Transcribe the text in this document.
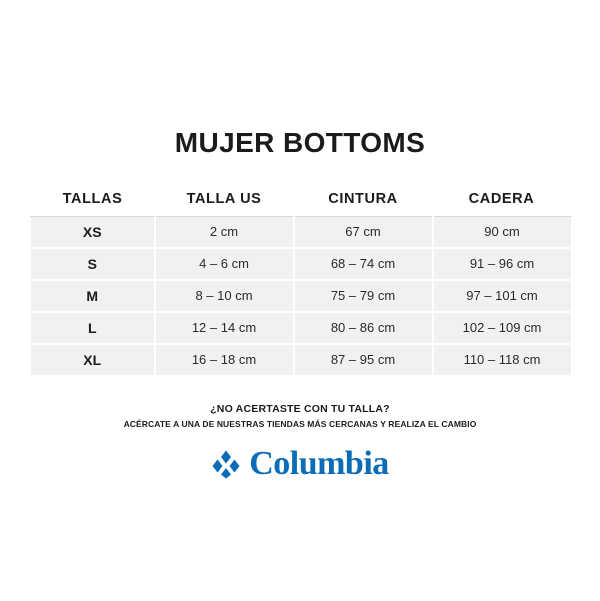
MUJER BOTTOMS
TALLAS	TALLA US	CINTURA	CADERA
XS	2 cm	67 cm	90 cm
S	4 – 6 cm	68 – 74 cm	91 – 96 cm
M	8 – 10 cm	75 – 79 cm	97 – 101 cm
L	12 – 14 cm	80 – 86 cm	102 – 109 cm
XL	16 – 18 cm	87 – 95 cm	110 – 118 cm
¿NO ACERTASTE CON TU TALLA?
ACÉRCATE A UNA DE NUESTRAS TIENDAS MÁS CERCANAS Y REALIZA EL CAMBIO
Columbia
